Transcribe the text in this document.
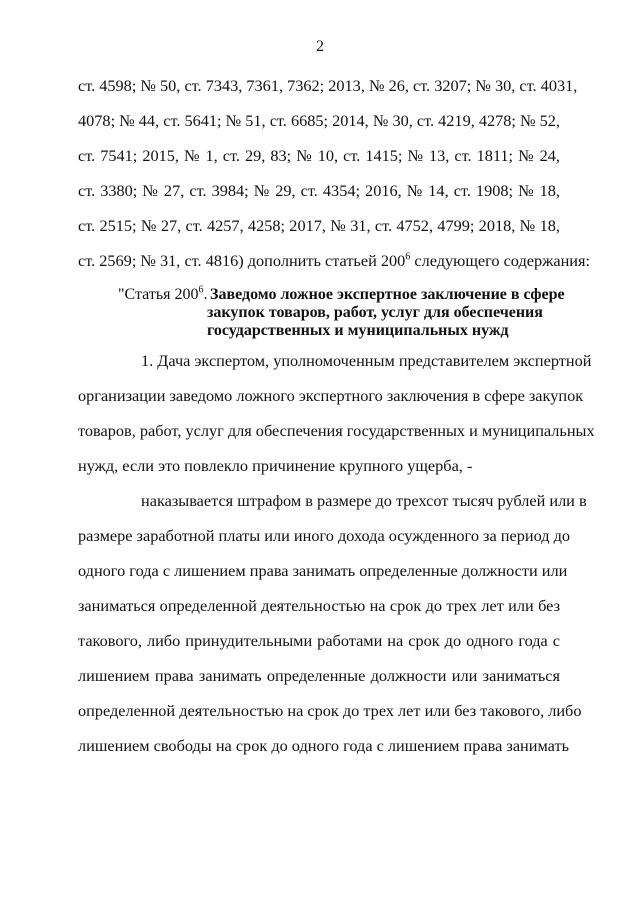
2
ст. 4598; № 50, ст. 7343, 7361, 7362; 2013, № 26, ст. 3207; № 30, ст. 4031,
4078; № 44, ст. 5641; № 51, ст. 6685; 2014, № 30, ст. 4219, 4278; № 52,
ст. 7541; 2015, № 1, ст. 29, 83; № 10, ст. 1415; № 13, ст. 1811; № 24,
ст. 3380; № 27, ст. 3984; № 29, ст. 4354; 2016, № 14, ст. 1908; № 18,
ст. 2515; № 27, ст. 4257, 4258; 2017, № 31, ст. 4752, 4799; 2018, № 18,
ст. 2569; № 31, ст. 4816) дополнить статьей $200^6$ следующего содержания:
"Статья $200^6$. Заведомо ложное экспертное заключение в сфере
закупок товаров, работ, услуг для обеспечения
государственных и муниципальных нужд
1. Дача экспертом, уполномоченным представителем экспертной
организации заведомо ложного экспертного заключения в сфере закупок
товаров, работ, услуг для обеспечения государственных и муниципальных
нужд, если это повлекло причинение крупного ущерба, -
наказывается штрафом в размере до трехсот тысяч рублей или в
размере заработной платы или иного дохода осужденного за период до
одного года с лишением права занимать определенные должности или
заниматься определенной деятельностью на срок до трех лет или без
такового, либо принудительными работами на срок до одного года с
лишением права занимать определенные должности или заниматься
определенной деятельностью на срок до трех лет или без такового, либо
лишением свободы на срок до одного года с лишением права занимать
